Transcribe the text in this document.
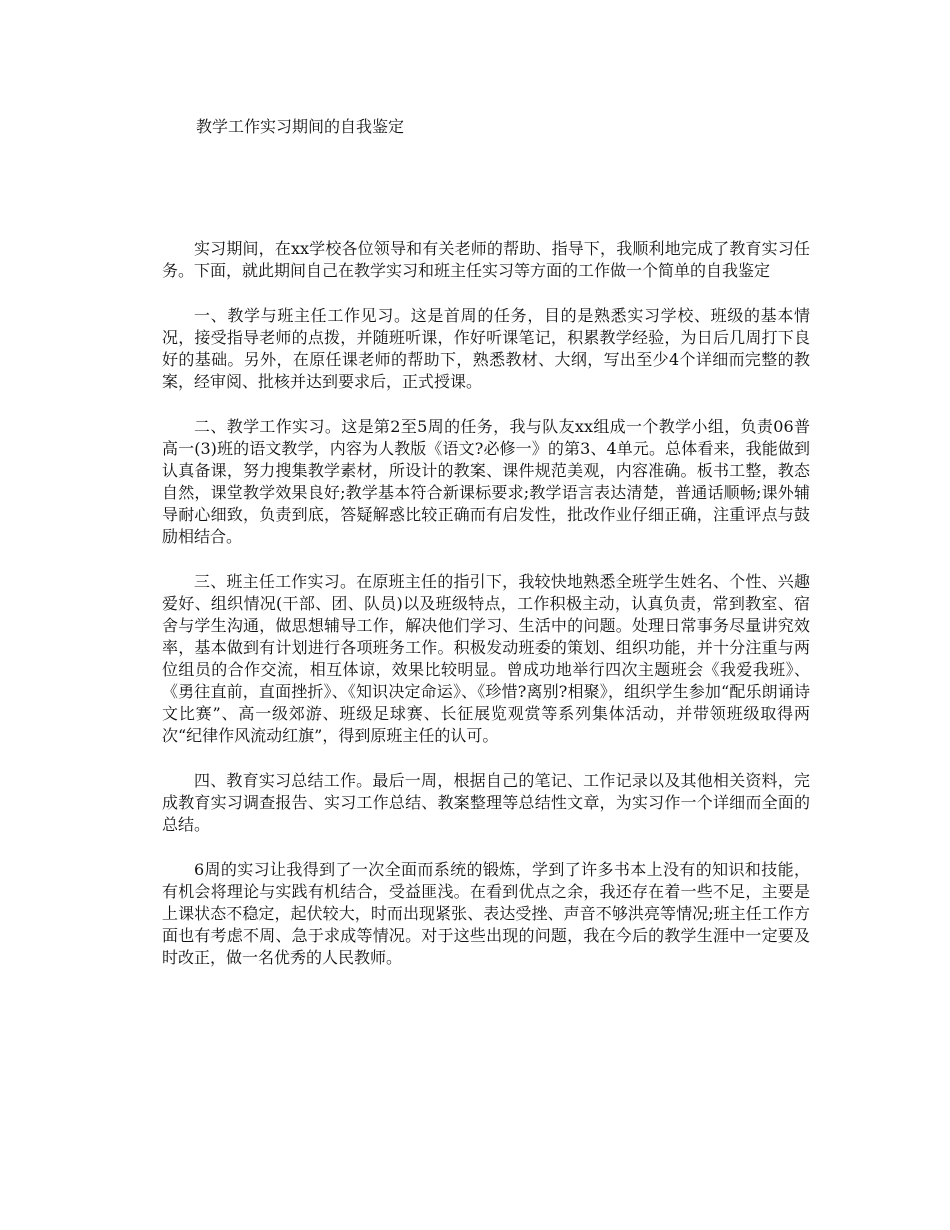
教学工作实习期间的自我鉴定

实习期间，在xx学校各位领导和有关老师的帮助、指导下，我顺利地完成了教育实习任务。下面，就此期间自己在教学实习和班主任实习等方面的工作做一个简单的自我鉴定

一、教学与班主任工作见习。这是首周的任务，目的是熟悉实习学校、班级的基本情况，接受指导老师的点拨，并随班听课，作好听课笔记，积累教学经验，为日后几周打下良好的基础。另外，在原任课老师的帮助下，熟悉教材、大纲，写出至少4个详细而完整的教案，经审阅、批核并达到要求后，正式授课。

二、教学工作实习。这是第2至5周的任务，我与队友xx组成一个教学小组，负责06普高一(3)班的语文教学，内容为人教版《语文?必修一》的第3、4单元。总体看来，我能做到认真备课，努力搜集教学素材，所设计的教案、课件规范美观，内容准确。板书工整，教态自然，课堂教学效果良好;教学基本符合新课标要求;教学语言表达清楚，普通话顺畅;课外辅导耐心细致，负责到底，答疑解惑比较正确而有启发性，批改作业仔细正确，注重评点与鼓励相结合。

三、班主任工作实习。在原班主任的指引下，我较快地熟悉全班学生姓名、个性、兴趣爱好、组织情况(干部、团、队员)以及班级特点，工作积极主动，认真负责，常到教室、宿舍与学生沟通，做思想辅导工作，解决他们学习、生活中的问题。处理日常事务尽量讲究效率，基本做到有计划进行各项班务工作。积极发动班委的策划、组织功能，并十分注重与两位组员的合作交流，相互体谅，效果比较明显。曾成功地举行四次主题班会《我爱我班》、《勇往直前，直面挫折》、《知识决定命运》、《珍惜?离别?相聚》，组织学生参加“配乐朗诵诗文比赛”、高一级郊游、班级足球赛、长征展览观赏等系列集体活动，并带领班级取得两次“纪律作风流动红旗”，得到原班主任的认可。

四、教育实习总结工作。最后一周，根据自己的笔记、工作记录以及其他相关资料，完成教育实习调查报告、实习工作总结、教案整理等总结性文章，为实习作一个详细而全面的总结。

6周的实习让我得到了一次全面而系统的锻炼，学到了许多书本上没有的知识和技能，有机会将理论与实践有机结合，受益匪浅。在看到优点之余，我还存在着一些不足，主要是上课状态不稳定，起伏较大，时而出现紧张、表达受挫、声音不够洪亮等情况;班主任工作方面也有考虑不周、急于求成等情况。对于这些出现的问题，我在今后的教学生涯中一定要及时改正，做一名优秀的人民教师。
